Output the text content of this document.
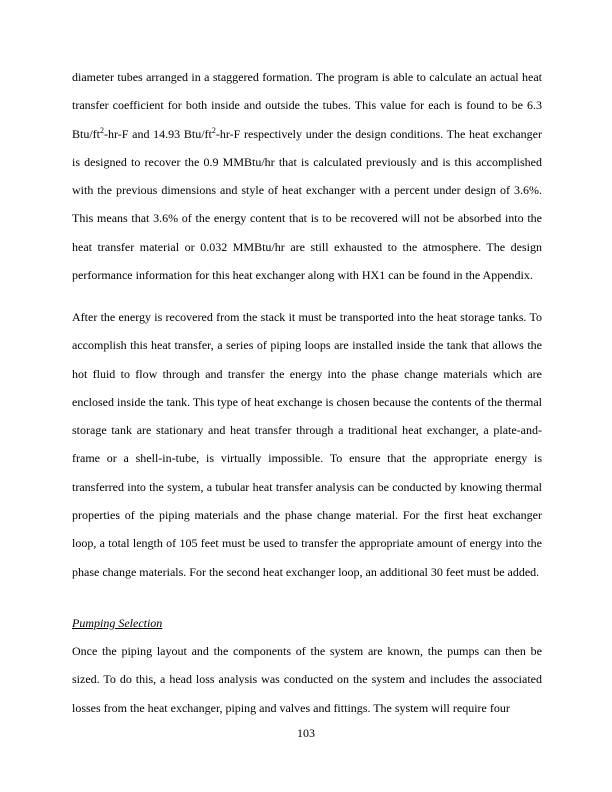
diameter tubes arranged in a staggered formation. The program is able to calculate an actual heat transfer coefficient for both inside and outside the tubes. This value for each is found to be 6.3 Btu/$ft^2-hr-F$ and 14.93 Btu/$ft^2-hr-F$ respectively under the design conditions. The heat exchanger is designed to recover the 0.9 MMBtu/hr that is calculated previously and is this accomplished with the previous dimensions and style of heat exchanger with a percent under design of 3.6%. This means that 3.6% of the energy content that is to be recovered will not be absorbed into the heat transfer material or 0.032 MMBtu/hr are still exhausted to the atmosphere. The design performance information for this heat exchanger along with HX1 can be found in the Appendix.

After the energy is recovered from the stack it must be transported into the heat storage tanks. To accomplish this heat transfer, a series of piping loops are installed inside the tank that allows the hot fluid to flow through and transfer the energy into the phase change materials which are enclosed inside the tank. This type of heat exchange is chosen because the contents of the thermal storage tank are stationary and heat transfer through a traditional heat exchanger, a plate-and-frame or a shell-in-tube, is virtually impossible. To ensure that the appropriate energy is transferred into the system, a tubular heat transfer analysis can be conducted by knowing thermal properties of the piping materials and the phase change material. For the first heat exchanger loop, a total length of 105 feet must be used to transfer the appropriate amount of energy into the phase change materials. For the second heat exchanger loop, an additional 30 feet must be added.

Pumping Selection

Once the piping layout and the components of the system are known, the pumps can then be sized. To do this, a head loss analysis was conducted on the system and includes the associated losses from the heat exchanger, piping and valves and fittings. The system will require four

103
